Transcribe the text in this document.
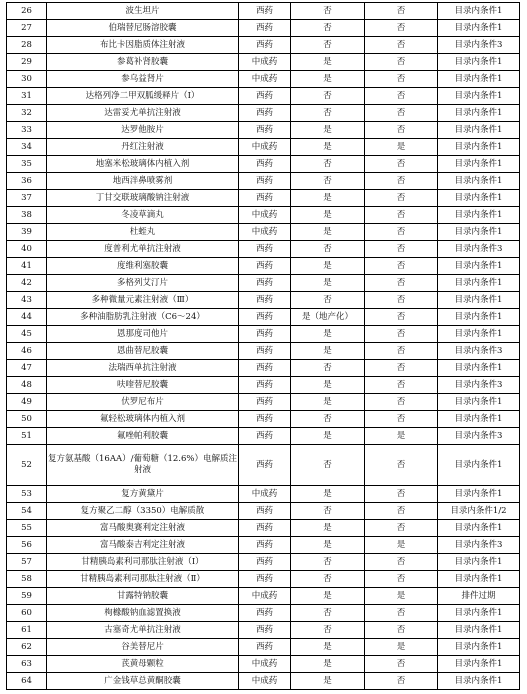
26	波生坦片	西药	否	否	目录内条件1
27	伯瑞替尼肠溶胶囊	西药	否	否	目录内条件1
28	布比卡因脂质体注射液	西药	否	否	目录内条件3
29	参葛补肾胶囊	中成药	是	否	目录内条件1
30	参乌益肾片	中成药	是	否	目录内条件1
31	达格列净二甲双胍缓释片（Ⅰ）	西药	否	否	目录内条件1
32	达雷妥尤单抗注射液	西药	否	否	目录内条件1
33	达罗他胺片	西药	是	否	目录内条件1
34	丹红注射液	中成药	是	是	目录内条件1
35	地塞米松玻璃体内植入剂	西药	否	否	目录内条件1
36	地西泮鼻喷雾剂	西药	否	否	目录内条件1
37	丁甘交联玻璃酸钠注射液	西药	是	否	目录内条件1
38	冬凌草滴丸	中成药	是	否	目录内条件1
39	杜蛭丸	中成药	是	否	目录内条件1
40	度普利尤单抗注射液	西药	否	否	目录内条件3
41	度维利塞胶囊	西药	是	否	目录内条件1
42	多格列艾汀片	西药	是	否	目录内条件1
43	多种微量元素注射液（Ⅲ）	西药	否	否	目录内条件1
44	多种油脂肪乳注射液（C6～24）	西药	是（地产化）	否	目录内条件1
45	恩那度司他片	西药	是	否	目录内条件1
46	恩曲替尼胶囊	西药	是	否	目录内条件3
47	法瑞西单抗注射液	西药	否	否	目录内条件1
48	呋喹替尼胶囊	西药	是	否	目录内条件3
49	伏罗尼布片	西药	是	否	目录内条件1
50	氟轻松玻璃体内植入剂	西药	否	否	目录内条件1
51	氟唑帕利胶囊	西药	是	是	目录内条件3
52	复方氨基酸（16AA）/葡萄糖（12.6%）电解质注射液	西药	否	否	目录内条件1
53	复方黄黛片	中成药	是	否	目录内条件1
54	复方聚乙二醇（3350）电解质散	西药	否	否	目录内条件1/2
55	富马酸奥赛利定注射液	西药	是	否	目录内条件1
56	富马酸泰吉利定注射液	西药	是	是	目录内条件3
57	甘精胰岛素利司那肽注射液（Ⅰ）	西药	否	否	目录内条件1
58	甘精胰岛素利司那肽注射液（Ⅱ）	西药	否	否	目录内条件1
59	甘露特钠胶囊	中成药	是	是	排件过期
60	枸橼酸钠血滤置换液	西药	否	否	目录内条件1
61	古塞奇尤单抗注射液	西药	否	否	目录内条件1
62	谷美替尼片	西药	是	是	目录内条件1
63	芪黄母颗粒	中成药	是	否	目录内条件1
64	广金钱草总黄酮胶囊	中成药	是	否	目录内条件1
